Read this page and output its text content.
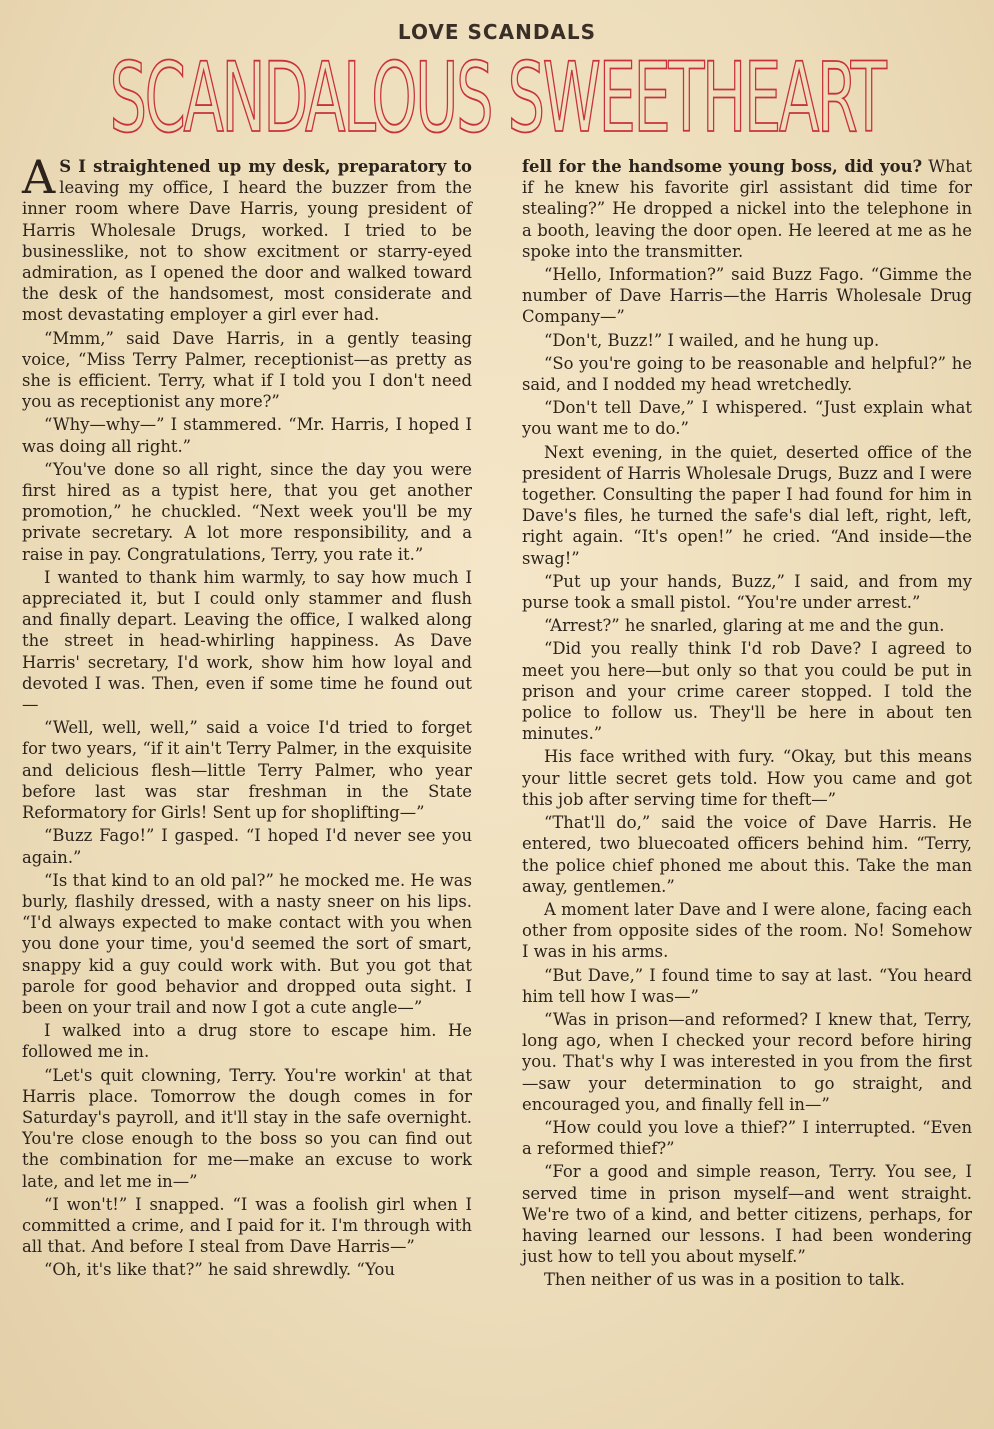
LOVE SCANDALS
SCANDALOUS SWEETHEART

A S I straightened up my desk, preparatory to leaving my office, I heard the buzzer from the inner room where Dave Harris, young president of Harris Wholesale Drugs, worked. I tried to be businesslike, not to show excitment or starry-eyed admiration, as I opened the door and walked toward the desk of the handsomest, most considerate and most devastating employer a girl ever had.

“Mmm,” said Dave Harris, in a gently teasing voice, “Miss Terry Palmer, receptionist—as pretty as she is efficient. Terry, what if I told you I don't need you as receptionist any more?”

“Why—why—” I stammered. “Mr. Harris, I hoped I was doing all right.”

“You've done so all right, since the day you were first hired as a typist here, that you get another promotion,” he chuckled. “Next week you'll be my private secretary. A lot more responsibility, and a raise in pay. Congratulations, Terry, you rate it.”

I wanted to thank him warmly, to say how much I appreciated it, but I could only stammer and flush and finally depart. Leaving the office, I walked along the street in head-whirling happiness. As Dave Harris' secretary, I'd work, show him how loyal and devoted I was. Then, even if some time he found out—

“Well, well, well,” said a voice I'd tried to forget for two years, “if it ain't Terry Palmer, in the exquisite and delicious flesh—little Terry Palmer, who year before last was star freshman in the State Reformatory for Girls! Sent up for shoplifting—”

“Buzz Fago!” I gasped. “I hoped I'd never see you again.”

“Is that kind to an old pal?” he mocked me. He was burly, flashily dressed, with a nasty sneer on his lips. “I'd always expected to make contact with you when you done your time, you'd seemed the sort of smart, snappy kid a guy could work with. But you got that parole for good behavior and dropped outa sight. I been on your trail and now I got a cute angle—”

I walked into a drug store to escape him. He followed me in.

“Let's quit clowning, Terry. You're workin' at that Harris place. Tomorrow the dough comes in for Saturday's payroll, and it'll stay in the safe overnight. You're close enough to the boss so you can find out the combination for me—make an excuse to work late, and let me in—”

“I won't!” I snapped. “I was a foolish girl when I committed a crime, and I paid for it. I'm through with all that. And before I steal from Dave Harris—”

“Oh, it's like that?” he said shrewdly. “You

fell for the handsome young boss, did you? What if he knew his favorite girl assistant did time for stealing?” He dropped a nickel into the telephone in a booth, leaving the door open. He leered at me as he spoke into the transmitter.

“Hello, Information?” said Buzz Fago. “Gimme the number of Dave Harris—the Harris Wholesale Drug Company—”

“Don't, Buzz!” I wailed, and he hung up.

“So you're going to be reasonable and helpful?” he said, and I nodded my head wretchedly.

“Don't tell Dave,” I whispered. “Just explain what you want me to do.”

Next evening, in the quiet, deserted office of the president of Harris Wholesale Drugs, Buzz and I were together. Consulting the paper I had found for him in Dave's files, he turned the safe's dial left, right, left, right again. “It's open!” he cried. “And inside—the swag!”

“Put up your hands, Buzz,” I said, and from my purse took a small pistol. “You're under arrest.”

“Arrest?” he snarled, glaring at me and the gun.

“Did you really think I'd rob Dave? I agreed to meet you here—but only so that you could be put in prison and your crime career stopped. I told the police to follow us. They'll be here in about ten minutes.”

His face writhed with fury. “Okay, but this means your little secret gets told. How you came and got this job after serving time for theft—”

“That'll do,” said the voice of Dave Harris. He entered, two bluecoated officers behind him. “Terry, the police chief phoned me about this. Take the man away, gentlemen.”

A moment later Dave and I were alone, facing each other from opposite sides of the room. No! Somehow I was in his arms.

“But Dave,” I found time to say at last. “You heard him tell how I was—”

“Was in prison—and reformed? I knew that, Terry, long ago, when I checked your record before hiring you. That's why I was interested in you from the first—saw your determination to go straight, and encouraged you, and finally fell in—”

“How could you love a thief?” I interrupted. “Even a reformed thief?”

“For a good and simple reason, Terry. You see, I served time in prison myself—and went straight. We're two of a kind, and better citizens, perhaps, for having learned our lessons. I had been wondering just how to tell you about myself.”

Then neither of us was in a position to talk.
